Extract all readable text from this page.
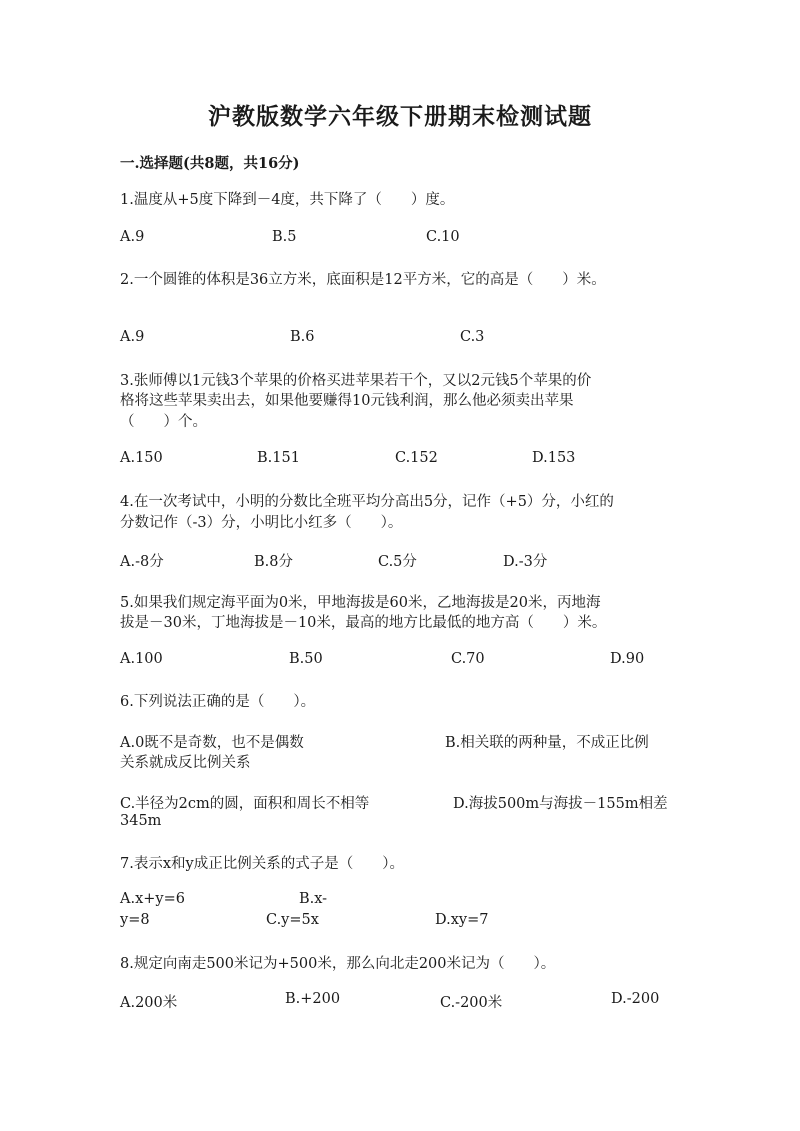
沪教版数学六年级下册期末检测试题
一.选择题(共8题，共16分)
1.温度从+5度下降到－4度，共下降了（　　）度。
A.9	B.5	C.10
2.一个圆锥的体积是36立方米，底面积是12平方米，它的高是（　　）米。
A.9	B.6	C.3
3.张师傅以1元钱3个苹果的价格买进苹果若干个，又以2元钱5个苹果的价
格将这些苹果卖出去，如果他要赚得10元钱利润，那么他必须卖出苹果
（　　）个。
A.150	B.151	C.152	D.153
4.在一次考试中，小明的分数比全班平均分高出5分，记作（+5）分，小红的
分数记作（-3）分，小明比小红多（　　）。
A.-8分	B.8分	C.5分	D.-3分
5.如果我们规定海平面为0米，甲地海拔是60米，乙地海拔是20米，丙地海
拔是－30米，丁地海拔是－10米，最高的地方比最低的地方高（　　）米。
A.100	B.50	C.70	D.90
6.下列说法正确的是（　　）。
A.0既不是奇数，也不是偶数	B.相关联的两种量，不成正比例
关系就成反比例关系
C.半径为2cm的圆，面积和周长不相等	D.海拔500m与海拔－155m相差
345m
7.表示x和y成正比例关系的式子是（　　）。
A.x+y=6	B.x-
y=8	C.y=5x	D.xy=7
8.规定向南走500米记为+500米，那么向北走200米记为（　　）。
A.200米	B.+200	C.-200米	D.-200
